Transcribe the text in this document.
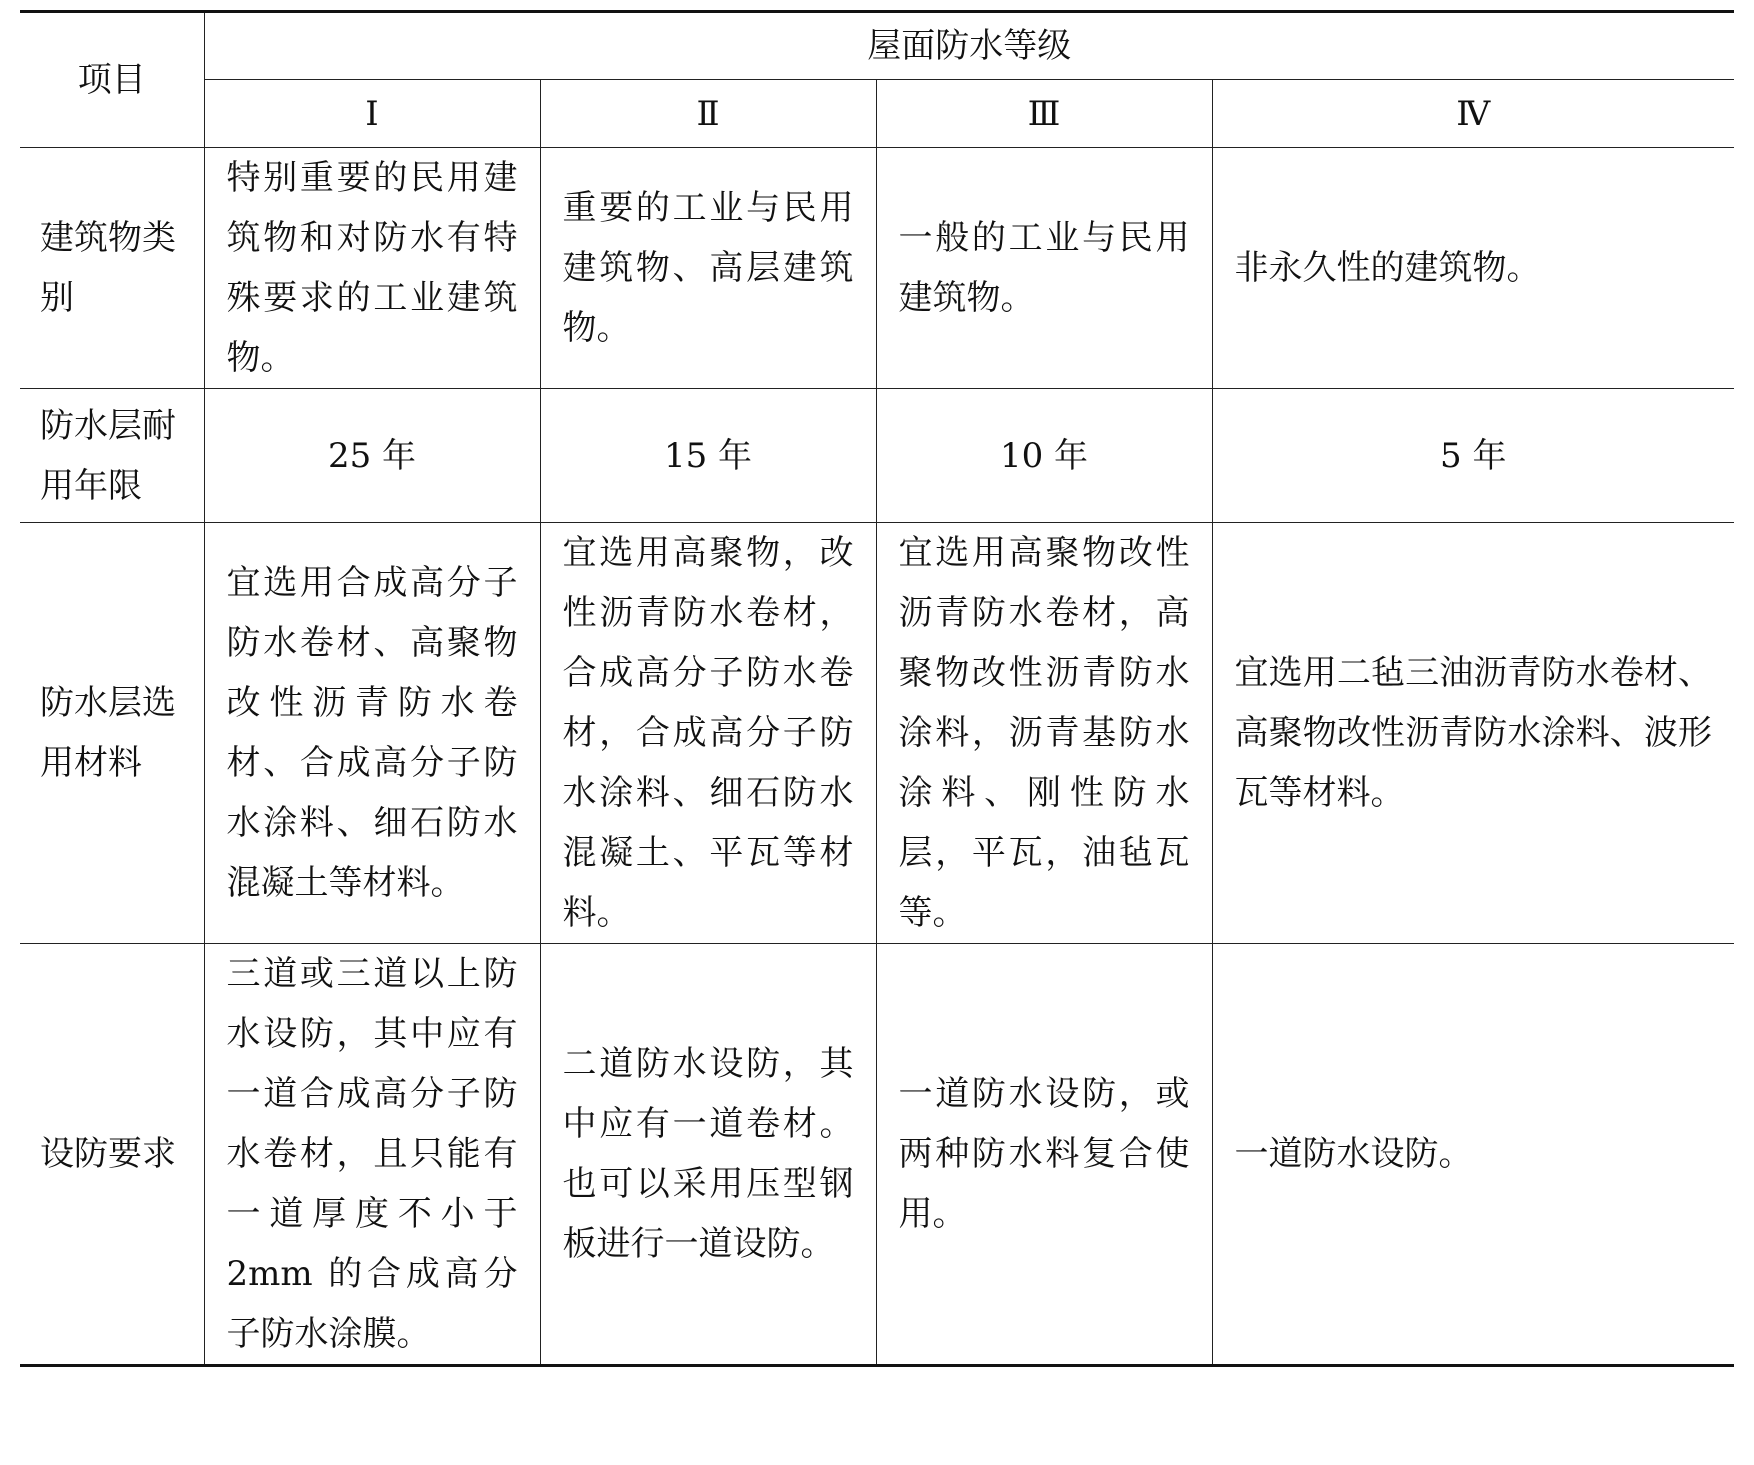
项目	屋面防水等级			
	Ⅰ	Ⅱ	Ⅲ	Ⅳ
建筑物类别	特别重要的民用建筑物和对防水有特殊要求的工业建筑物。	重要的工业与民用建筑物、高层建筑物。	一般的工业与民用建筑物。	非永久性的建筑物。
防水层耐用年限	25 年	15 年	10 年	5 年
防水层选用材料	宜选用合成高分子防水卷材、高聚物改性沥青防水卷材、合成高分子防水涂料、细石防水混凝土等材料。	宜选用高聚物，改性沥青防水卷材，合成高分子防水卷材，合成高分子防水涂料、细石防水混凝土、平瓦等材料。	宜选用高聚物改性沥青防水卷材，高聚物改性沥青防水涂料，沥青基防水涂料、刚性防水层，平瓦，油毡瓦等。	宜选用二毡三油沥青防水卷材、高聚物改性沥青防水涂料、波形瓦等材料。
设防要求	三道或三道以上防水设防，其中应有一道合成高分子防水卷材，且只能有一道厚度不小于 2mm 的合成高分子防水涂膜。	二道防水设防，其中应有一道卷材。也可以采用压型钢板进行一道设防。	一道防水设防，或两种防水料复合使用。	一道防水设防。
